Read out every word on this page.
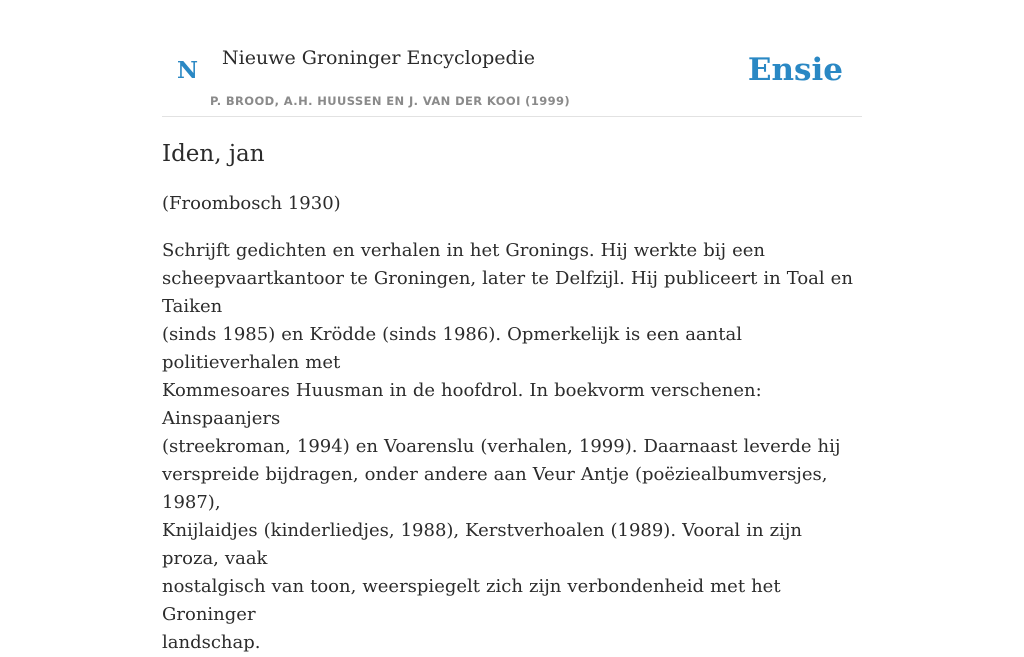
N Nieuwe Groninger Encyclopedie
P. BROOD, A.H. HUUSSEN EN J. VAN DER KOOI (1999)
Ensie
Iden, jan

(Froombosch 1930)

Schrijft gedichten en verhalen in het Gronings. Hij werkte bij een
scheepvaartkantoor te Groningen, later te Delfzijl. Hij publiceert in Toal en Taiken
(sinds 1985) en Krödde (sinds 1986). Opmerkelijk is een aantal politieverhalen met
Kommesoares Huusman in de hoofdrol. In boekvorm verschenen: Ainspaanjers
(streekroman, 1994) en Voarenslu (verhalen, 1999). Daarnaast leverde hij
verspreide bijdragen, onder andere aan Veur Antje (poëziealbumversjes, 1987),
Knijlaidjes (kinderliedjes, 1988), Kerstverhoalen (1989). Vooral in zijn proza, vaak
nostalgisch van toon, weerspiegelt zich zijn verbondenheid met het Groninger
landschap.
